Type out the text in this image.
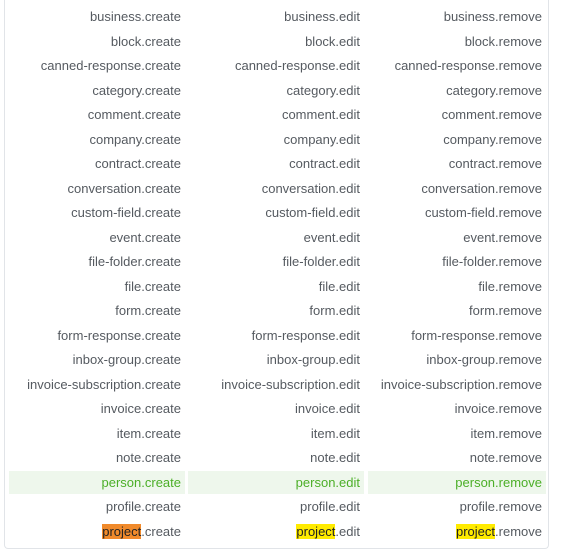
business.create	business.edit	business.remove
block.create	block.edit	block.remove
canned-response.create	canned-response.edit	canned-response.remove
category.create	category.edit	category.remove
comment.create	comment.edit	comment.remove
company.create	company.edit	company.remove
contract.create	contract.edit	contract.remove
conversation.create	conversation.edit	conversation.remove
custom-field.create	custom-field.edit	custom-field.remove
event.create	event.edit	event.remove
file-folder.create	file-folder.edit	file-folder.remove
file.create	file.edit	file.remove
form.create	form.edit	form.remove
form-response.create	form-response.edit	form-response.remove
inbox-group.create	inbox-group.edit	inbox-group.remove
invoice-subscription.create	invoice-subscription.edit	invoice-subscription.remove
invoice.create	invoice.edit	invoice.remove
item.create	item.edit	item.remove
note.create	note.edit	note.remove
person.create	person.edit	person.remove
profile.create	profile.edit	profile.remove
project.create	project.edit	project.remove
